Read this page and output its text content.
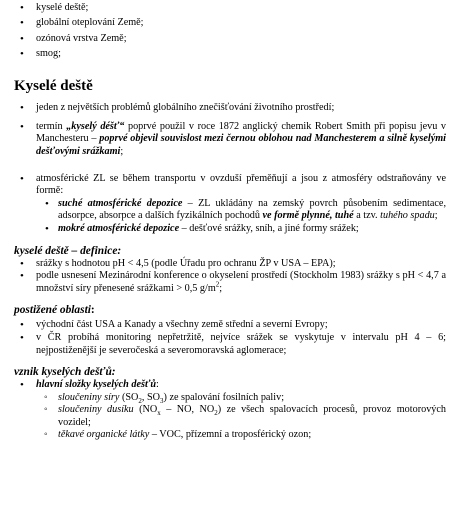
• kyselé deště;
• globální oteplování Země;
• ozónová vrstva Země;
• smog;
Kyselé deště
• jeden z největších problémů globálního znečišťování životního prostředí;
• termín „kyselý déšť“ poprvé použil v roce 1872 anglický chemik Robert Smith při popisu jevu v Manchesteru – poprvé objevil souvislost mezi černou oblohou nad Manchesterem a silně kyselými dešťovými srážkami;
• atmosférické ZL se během transportu v ovzduší přeměňují a jsou z atmosféry odstraňovány ve formě:
• suché atmosférické depozice – ZL ukládány na zemský povrch působením sedimentace, adsorpce, absorpce a dalších fyzikálních pochodů ve formě plynné, tuhé a tzv. tuhého spadu;
• mokré atmosférické depozice – dešťové srážky, sníh, a jiné formy srážek;
kyselé deště – definice:
• srážky s hodnotou pH < 4,5 (podle Úřadu pro ochranu ŽP v USA – EPA);
• podle usnesení Mezinárodní konference o okyselení prostředí (Stockholm 1983) srážky s pH < 4,7 a množství síry přenesené srážkami > 0,5 $g/m^2$;
postižené oblasti:
• východní část USA a Kanady a všechny země střední a severní Evropy;
• v ČR probíhá monitoring nepřetržitě, nejvíce srážek se vyskytuje v intervalu pH 4 – 6; nejpostiženější je severočeská a severomoravská aglomerace;
vznik kyselých dešťů:
• hlavní složky kyselých dešťů:
◦ sloučeniny síry ($SO_2$, $SO_3$) ze spalování fosilních paliv;
◦ sloučeniny dusíku ($NO_x$ – NO, $NO_2$) ze všech spalovacích procesů, provoz motorových vozidel;
◦ těkavé organické látky – VOC, přízemní a troposférický ozon;
